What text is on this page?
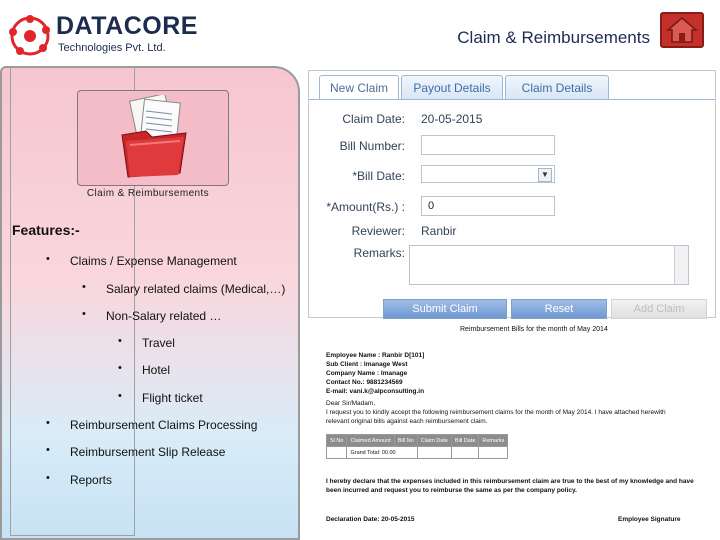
DATACORE
Technologies Pvt. Ltd.
Claim & Reimbursements
Claim & Reimbursements
Features:-
• Claims / Expense Management
• Salary related claims (Medical,…)
• Non-Salary related …
• Travel
• Hotel
• Flight ticket
• Reimbursement Claims Processing
• Reimbursement Slip Release
• Reports
New Claim	Payout Details	Claim Details
Claim Date: 20-05-2015
Bill Number:
*Bill Date:	▼
*Amount(Rs.) :	0
Reviewer: Ranbir
Remarks:
Submit Claim	Reset	Add Claim
Reimbursement Bills for the month of May 2014
Employee Name : Ranbir D[101]
Sub Client : Imanage West
Company Name : Imanage
Contact No.: 9881234569
E-mail: vani.k@alpconsulting.in
Dear Sir/Madam,
I request you to kindly accept the following reimbursement claims for the month of May 2014. I have attached herewith
relevant original bills against each reimbursement claim.
Sl No	Claimed Amount	Bill No	Claim Date	Bill Date	Remarks
	Grand Total: 00.00				
I hereby declare that the expenses included in this reimbursement claim are true to the best of my knowledge and have
been incurred and request you to reimburse the same as per the company policy.
Declaration Date: 20-05-2015	Employee Signature
